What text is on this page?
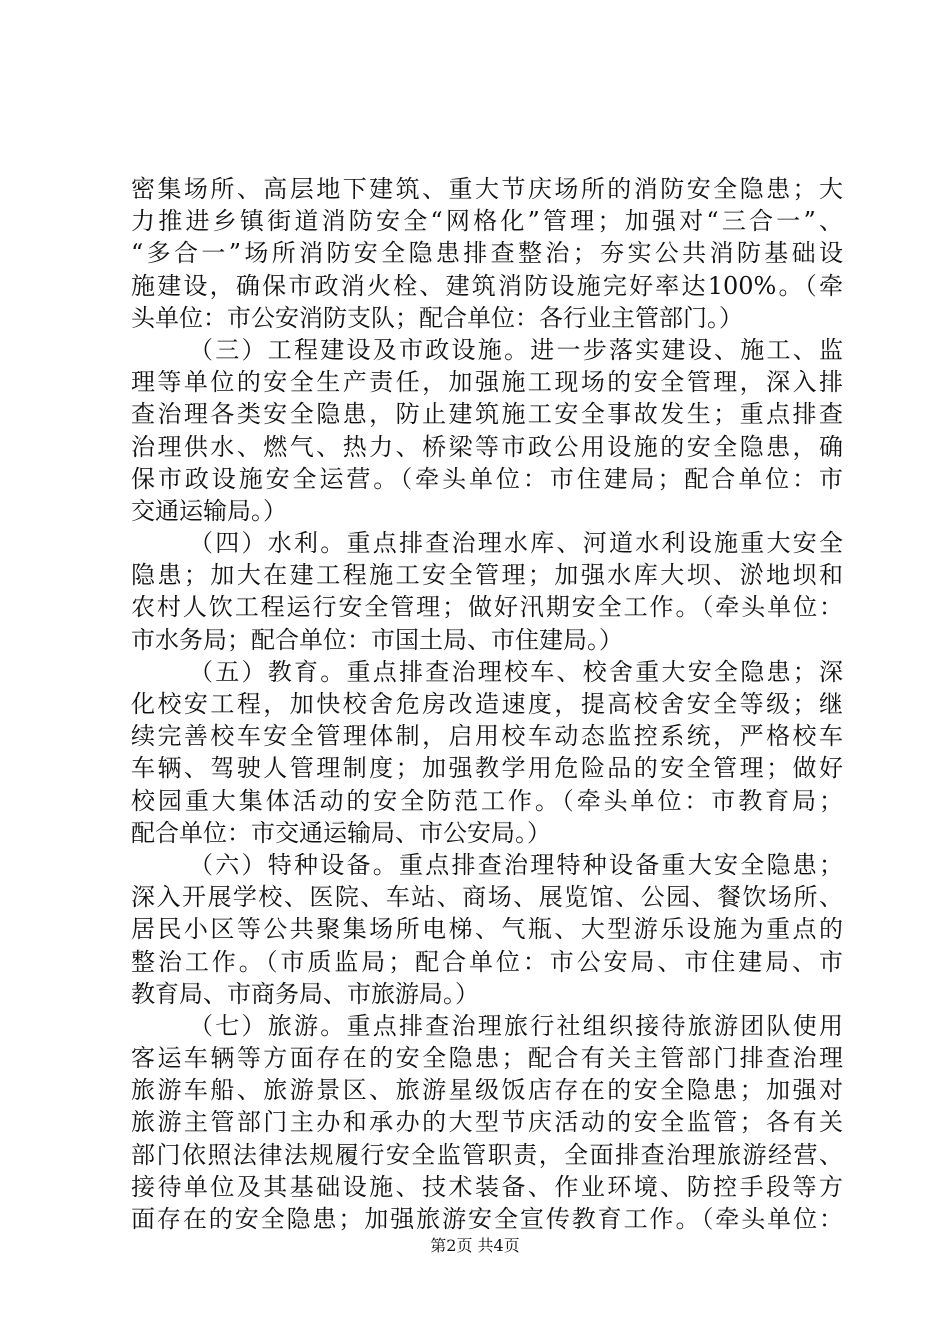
密集场所、高层地下建筑、重大节庆场所的消防安全隐患；大
力推进乡镇街道消防安全“网格化”管理；加强对“三合一”、
“多合一”场所消防安全隐患排查整治；夯实公共消防基础设
施建设，确保市政消火栓、建筑消防设施完好率达100%。（牵
头单位：市公安消防支队；配合单位：各行业主管部门。）
（三）工程建设及市政设施。进一步落实建设、施工、监
理等单位的安全生产责任，加强施工现场的安全管理，深入排
查治理各类安全隐患，防止建筑施工安全事故发生；重点排查
治理供水、燃气、热力、桥梁等市政公用设施的安全隐患，确
保市政设施安全运营。（牵头单位：市住建局；配合单位：市
交通运输局。）
（四）水利。重点排查治理水库、河道水利设施重大安全
隐患；加大在建工程施工安全管理；加强水库大坝、淤地坝和
农村人饮工程运行安全管理；做好汛期安全工作。（牵头单位：
市水务局；配合单位：市国土局、市住建局。）
（五）教育。重点排查治理校车、校舍重大安全隐患；深
化校安工程，加快校舍危房改造速度，提高校舍安全等级；继
续完善校车安全管理体制，启用校车动态监控系统，严格校车
车辆、驾驶人管理制度；加强教学用危险品的安全管理；做好
校园重大集体活动的安全防范工作。（牵头单位：市教育局；
配合单位：市交通运输局、市公安局。）
（六）特种设备。重点排查治理特种设备重大安全隐患；
深入开展学校、医院、车站、商场、展览馆、公园、餐饮场所、
居民小区等公共聚集场所电梯、气瓶、大型游乐设施为重点的
整治工作。（市质监局；配合单位：市公安局、市住建局、市
教育局、市商务局、市旅游局。）
（七）旅游。重点排查治理旅行社组织接待旅游团队使用
客运车辆等方面存在的安全隐患；配合有关主管部门排查治理
旅游车船、旅游景区、旅游星级饭店存在的安全隐患；加强对
旅游主管部门主办和承办的大型节庆活动的安全监管；各有关
部门依照法律法规履行安全监管职责，全面排查治理旅游经营、
接待单位及其基础设施、技术装备、作业环境、防控手段等方
面存在的安全隐患；加强旅游安全宣传教育工作。（牵头单位：
第2页 共4页
